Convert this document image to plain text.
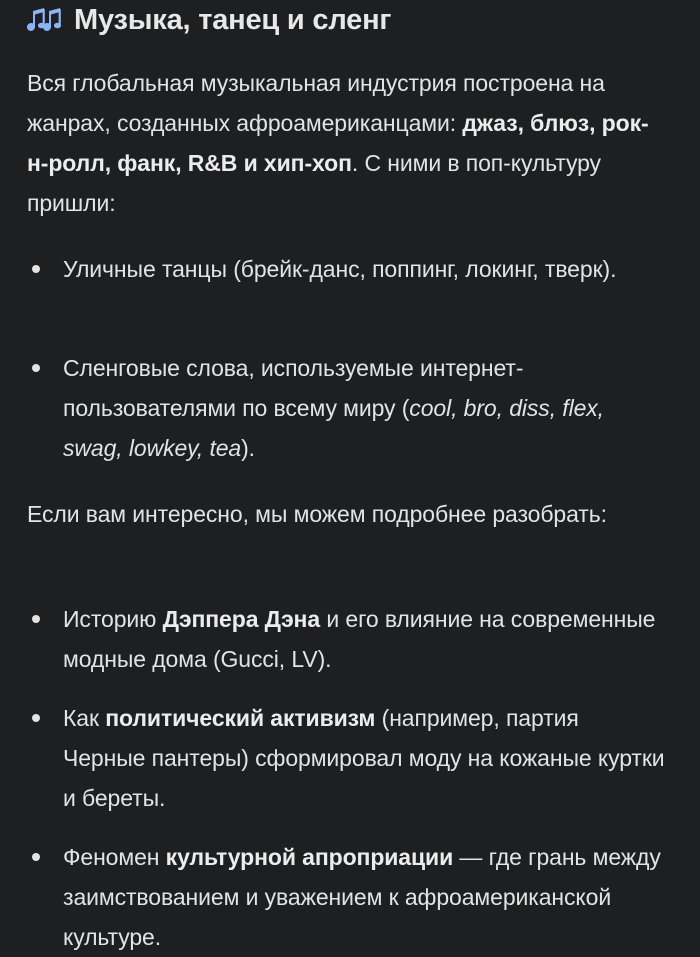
Музыка, танец и сленг

Вся глобальная музыкальная индустрия построена на жанрах, созданных афроамериканцами: джаз, блюз, рок-н-ролл, фанк, R&B и хип-хоп. С ними в поп-культуру пришли:

Уличные танцы (брейк-данс, поппинг, локинг, тверк).

Сленговые слова, используемые интернет-пользователями по всему миру (cool, bro, diss, flex, swag, lowkey, tea).

Если вам интересно, мы можем подробнее разобрать:

Историю Дэппера Дэна и его влияние на современные модные дома (Gucci, LV).

Как политический активизм (например, партия Черные пантеры) сформировал моду на кожаные куртки и береты.

Феномен культурной апроприации — где грань между заимствованием и уважением к афроамериканской культуре.
